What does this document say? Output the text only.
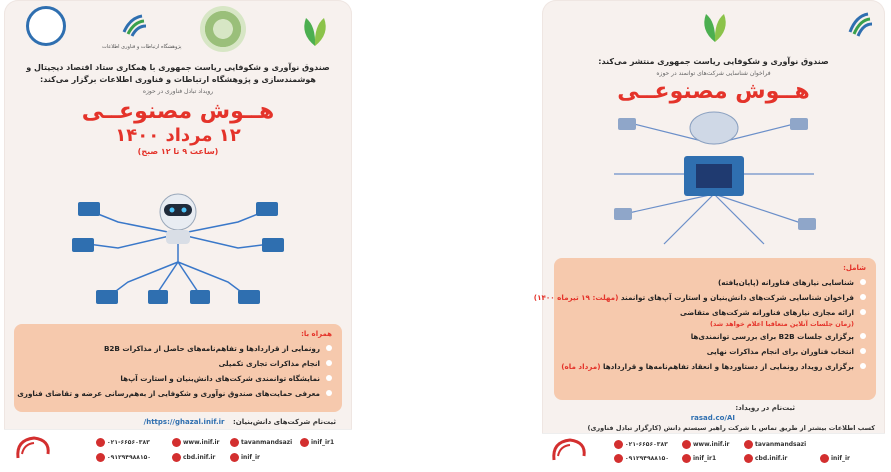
پژوهشگاه ارتباطات و فناوری اطلاعات
صندوق نوآوری و شکوفایی ریاست جمهوری با همکاری ستاد اقتصاد دیجیتال و هوشمندسازی و پژوهشگاه ارتباطات و فناوری اطلاعات برگزار می‌کند:
رویداد تبادل فناوری در حوزه
هــوش مصنوعــی
۱۲ مرداد ۱۴۰۰
(ساعت ۹ تا ۱۲ صبح)
همراه با:
رونمایی از قراردادها و تفاهم‌نامه‌های حاصل از مذاکرات B2B
انجام مذاکرات تجاری تکمیلی
نمایشگاه توانمندی شرکت‌های دانش‌بنیان و استارت آپ‌ها
معرفی حمایت‌های صندوق نوآوری و شکوفایی از به‌هم‌رسانی عرضه و تقاضای فناوری
ثبت‌نام شرکت‌های دانش‌بنیان: https://ghazal.inif.ir/
۰۲۱-۶۶۵۶۰۳۸۳
۰۹۱۲۹۴۹۸۸۱۵۰
www.inif.ir
cbd.inif.ir
tavanmandsazi
inif_ir
inif_ir1
صندوق نوآوری و شکوفایی ریاست جمهوری منتشر می‌کند:
فراخوان شناسایی شرکت‌های توانمند در حوزه
هــوش مصنوعــی
شامل:
شناسایی نیازهای فناورانه (پایان‌یافته)
فراخوان شناسایی شرکت‌های دانش‌بنیان و استارت آپ‌های توانمند (مهلت: ۱۹ تیرماه ۱۴۰۰)
ارائه مجازی نیازهای فناورانه شرکت‌های متقاضی
(زمان جلسات آنلاین متعاقبا اعلام خواهد شد)
برگزاری جلسات B2B برای بررسی توانمندی‌ها
انتخاب فناوران برای انجام مذاکرات نهایی
برگزاری رویداد رونمایی از دستاوردها و انعقاد تفاهم‌نامه‌ها و قراردادها (مرداد ماه)
ثبت‌نام در رویداد:
rasad.co/AI
کسب اطلاعات بیشتر از طریق تماس با شرکت راهبر سیستم دانش (کارگزار تبادل فناوری)
۰۲۱-۶۶۵۶۰۳۸۳
۰۹۱۲۹۴۹۸۸۱۵۰
www.inif.ir
inif_ir1
tavanmandsazi
cbd.inif.ir	inif_ir
